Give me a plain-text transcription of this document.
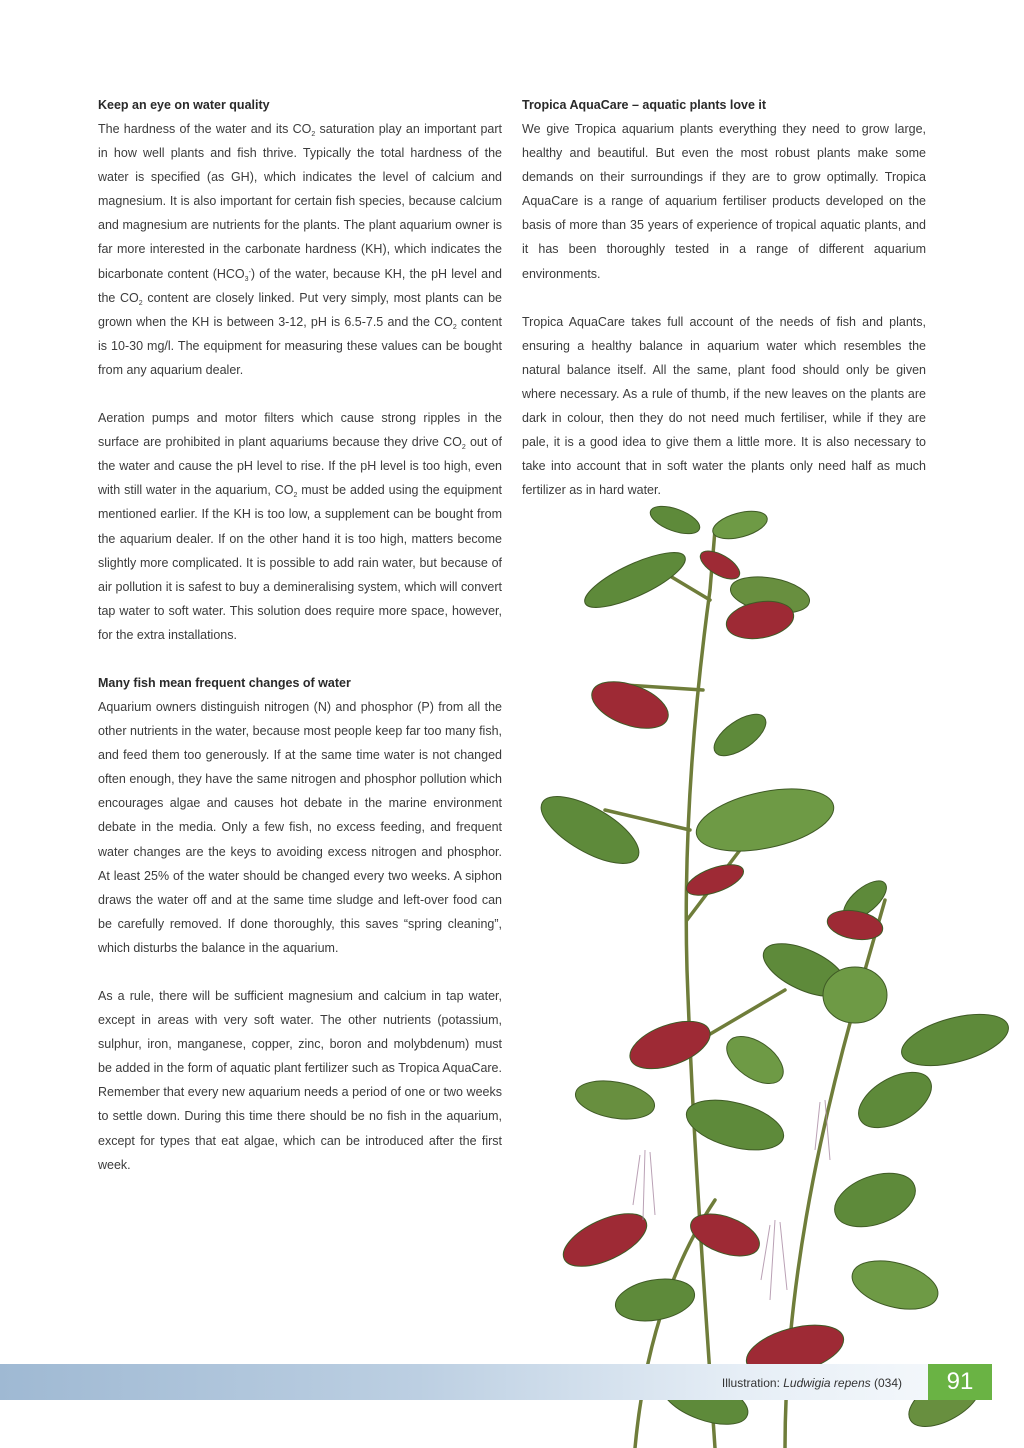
Keep an eye on water quality

The hardness of the water and its $CO_2$ saturation play an important part in how well plants and fish thrive. Typically the total hardness of the water is specified (as GH), which indicates the level of calcium and magnesium. It is also important for certain fish species, because calcium and magnesium are nutrients for the plants. The plant aquarium owner is far more interested in the carbonate hardness (KH), which indicates the bicarbonate content $(HCO_3^-)$ of the water, because KH, the pH level and the $CO_2$ content are closely linked. Put very simply, most plants can be grown when the KH is between 3-12, pH is 6.5-7.5 and the $CO_2$ content is 10-30 mg/l. The equipment for measuring these values can be bought from any aquarium dealer.

Aeration pumps and motor filters which cause strong ripples in the surface are prohibited in plant aquariums because they drive $CO_2$ out of the water and cause the pH level to rise. If the pH level is too high, even with still water in the aquarium, $CO_2$ must be added using the equipment mentioned earlier. If the KH is too low, a supplement can be bought from the aquarium dealer. If on the other hand it is too high, matters become slightly more complicated. It is possible to add rain water, but because of air pollution it is safest to buy a demineralising system, which will convert tap water to soft water. This solution does require more space, however, for the extra installations.

Many fish mean frequent changes of water

Aquarium owners distinguish nitrogen (N) and phosphor (P) from all the other nutrients in the water, because most people keep far too many fish, and feed them too generously. If at the same time water is not changed often enough, they have the same nitrogen and phosphor pollution which encourages algae and causes hot debate in the marine environment debate in the media. Only a few fish, no excess feeding, and frequent water changes are the keys to avoiding excess nitrogen and phosphor. At least 25% of the water should be changed every two weeks. A siphon draws the water off and at the same time sludge and left-over food can be carefully removed. If done thoroughly, this saves “spring cleaning”, which disturbs the balance in the aquarium.

As a rule, there will be sufficient magnesium and calcium in tap water, except in areas with very soft water. The other nutrients (potassium, sulphur, iron, manganese, copper, zinc, boron and molybdenum) must be added in the form of aquatic plant fertilizer such as Tropica AquaCare. Remember that every new aquarium needs a period of one or two weeks to settle down. During this time there should be no fish in the aquarium, except for types that eat algae, which can be introduced after the first week.

Tropica AquaCare – aquatic plants love it

We give Tropica aquarium plants everything they need to grow large, healthy and beautiful. But even the most robust plants make some demands on their surroundings if they are to grow optimally. Tropica AquaCare is a range of aquarium fertiliser products developed on the basis of more than 35 years of experience of tropical aquatic plants, and it has been thoroughly tested in a range of different aquarium environments.

Tropica AquaCare takes full account of the needs of fish and plants, ensuring a healthy balance in aquarium water which resembles the natural balance itself. All the same, plant food should only be given where necessary. As a rule of thumb, if the new leaves on the plants are dark in colour, then they do not need much fertiliser, while if they are pale, it is a good idea to give them a little more. It is also necessary to take into account that in soft water the plants only need half as much fertilizer as in hard water.

Illustration: Ludwigia repens (034)	91
